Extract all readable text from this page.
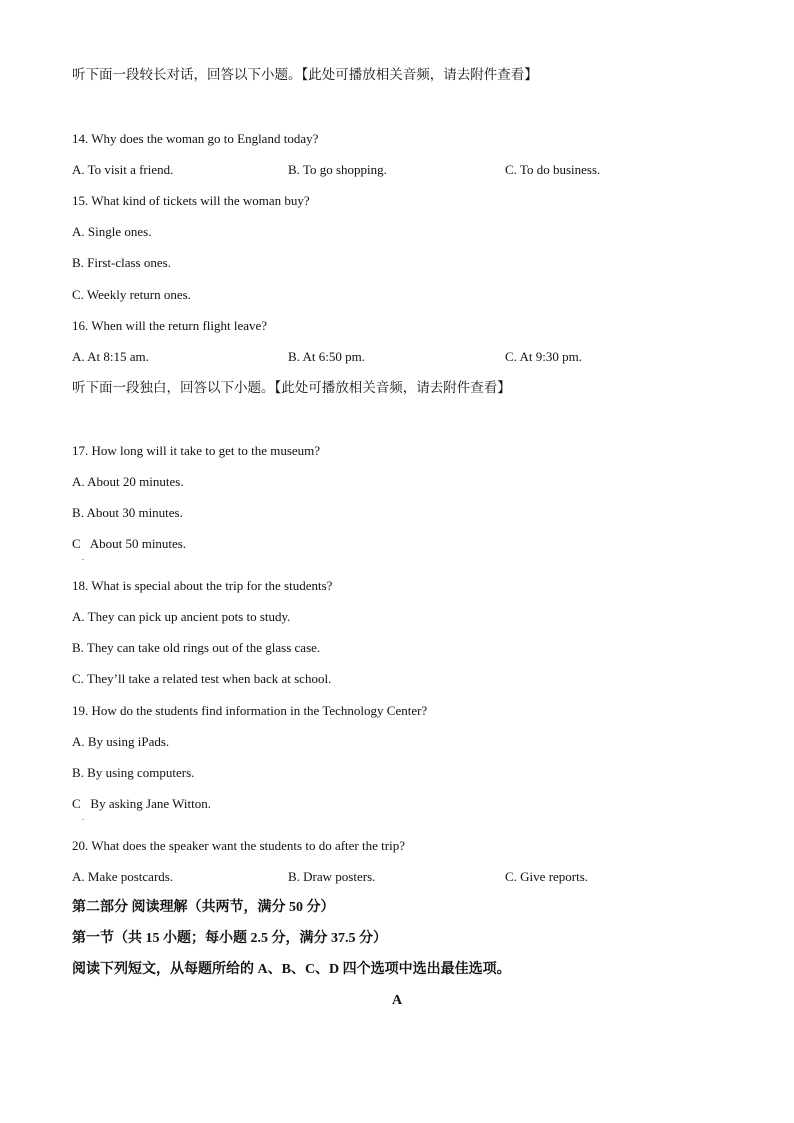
听下面一段较长对话，回答以下小题。【此处可播放相关音频，请去附件查看】
14. Why does the woman go to England today?
A. To visit a friend.	B. To go shopping.	C. To do business.
15. What kind of tickets will the woman buy?
A. Single ones.
B. First-class ones.
C. Weekly return ones.
16. When will the return flight leave?
A. At 8:15 am.	B. At 6:50 pm.	C. At 9:30 pm.
听下面一段独白，回答以下小题。【此处可播放相关音频，请去附件查看】
17. How long will it take to get to the museum?
A. About 20 minutes.
B. About 30 minutes.
C   About 50 minutes.
.
18. What is special about the trip for the students?
A. They can pick up ancient pots to study.
B. They can take old rings out of the glass case.
C. They’ll take a related test when back at school.
19. How do the students find information in the Technology Center?
A. By using iPads.
B. By using computers.
C   By asking Jane Witton.
.
20. What does the speaker want the students to do after the trip?
A. Make postcards.	B. Draw posters.	C. Give reports.
第二部分 阅读理解（共两节，满分 50 分）
第一节（共 15 小题；每小题 2.5 分，满分 37.5 分）
阅读下列短文，从每题所给的 A、B、C、D 四个选项中选出最佳选项。
A
